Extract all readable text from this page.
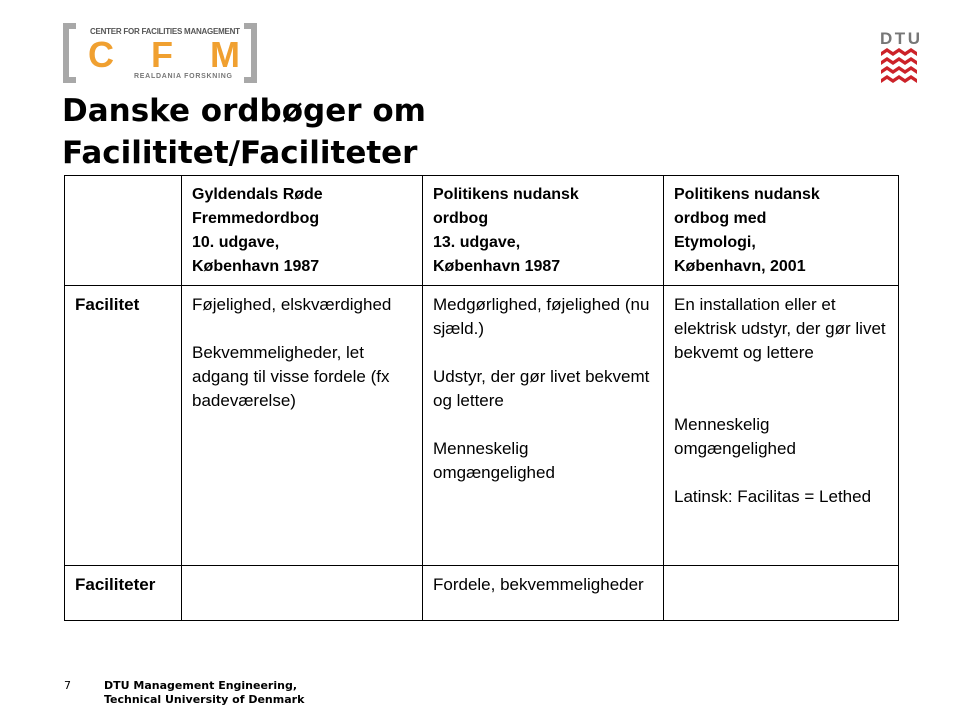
CENTER FOR FACILITIES MANAGEMENT
CFM
REALDANIA FORSKNING
DTU
Danske ordbøger om
Facilititet/Faciliteter

	Gyldendals Røde
Fremmedordbog
10. udgave,
København 1987	Politikens nudansk
ordbog
13. udgave,
København 1987	Politikens nudansk
ordbog med
Etymologi,
København, 2001

Facilitet	Føjelighed, elskværdighed
Bekvemmeligheder, let adgang til visse fordele (fx badeværelse)	Medgørlighed, føjelighed (nu sjæld.)
Udstyr, der gør livet bekvemt og lettere
Menneskelig omgængelighed	En installation eller et elektrisk udstyr, der gør livet bekvemt og lettere
Menneskelig omgængelighed
Latinsk: Facilitas = Lethed

Faciliteter		Fordele, bekvemmeligheder	
7	DTU Management Engineering,
Technical University of Denmark
